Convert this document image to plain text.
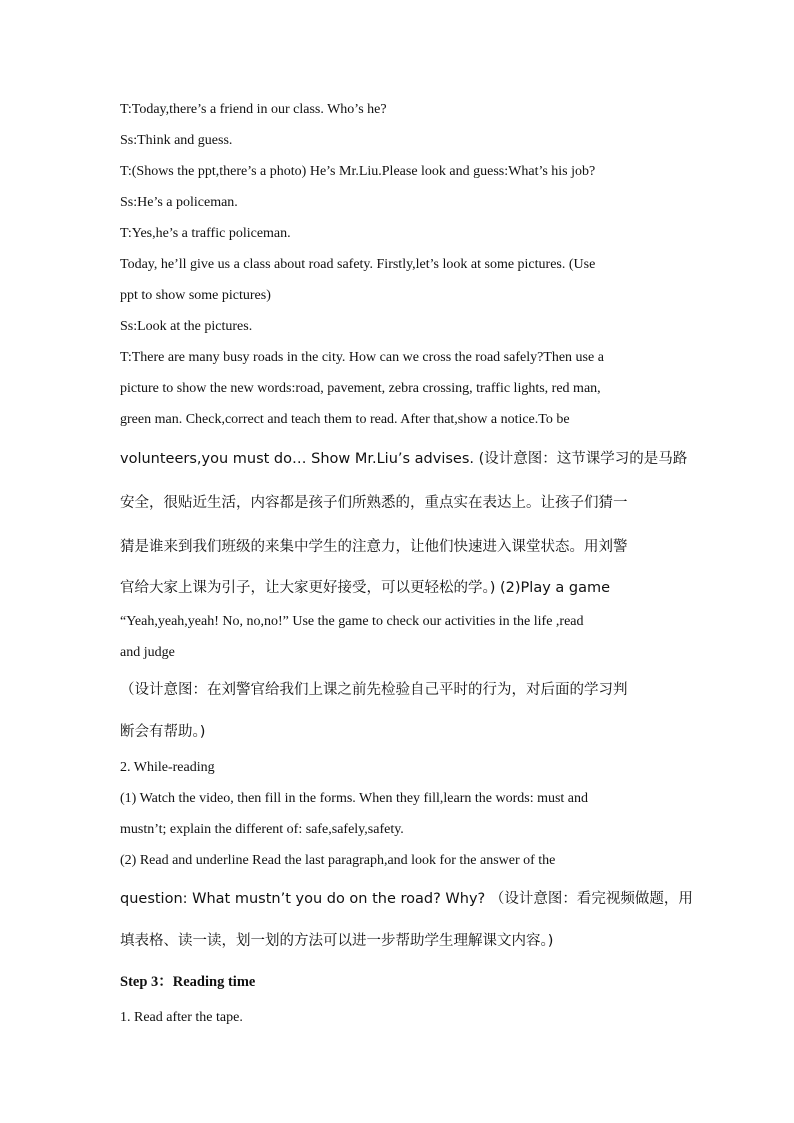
T:Today,there’s a friend in our class. Who’s he?

Ss:Think and guess.

T:(Shows the ppt,there’s a photo) He’s Mr.Liu.Please look and guess:What’s his job?

Ss:He’s a policeman.

T:Yes,he’s a traffic policeman.

Today, he’ll give us a class about road safety. Firstly,let’s look at some pictures. (Use

ppt to show some pictures)

Ss:Look at the pictures.

T:There are many busy roads in the city. How can we cross the road safely?Then use a

picture to show the new words:road, pavement, zebra crossing, traffic lights, red man,

green man. Check,correct and teach them to read. After that,show a notice.To be

volunteers,you must do… Show Mr.Liu’s advises. (设计意图：这节课学习的是马路

安全，很贴近生活，内容都是孩子们所熟悉的，重点实在表达上。让孩子们猜一

猜是谁来到我们班级的来集中学生的注意力，让他们快速进入课堂状态。用刘警

官给大家上课为引子，让大家更好接受，可以更轻松的学。) (2)Play a game

“Yeah,yeah,yeah! No, no,no!” Use the game to check our activities in the life ,read

and judge

（设计意图：在刘警官给我们上课之前先检验自己平时的行为，对后面的学习判

断会有帮助。)

2. While-reading

(1) Watch the video, then fill in the forms. When they fill,learn the words: must and

mustn’t; explain the different of: safe,safely,safety.

(2) Read and underline Read the last paragraph,and look for the answer of the

question: What mustn’t you do on the road? Why? （设计意图：看完视频做题，用

填表格、读一读，划一划的方法可以进一步帮助学生理解课文内容。)

Step 3：Reading time

1. Read after the tape.
